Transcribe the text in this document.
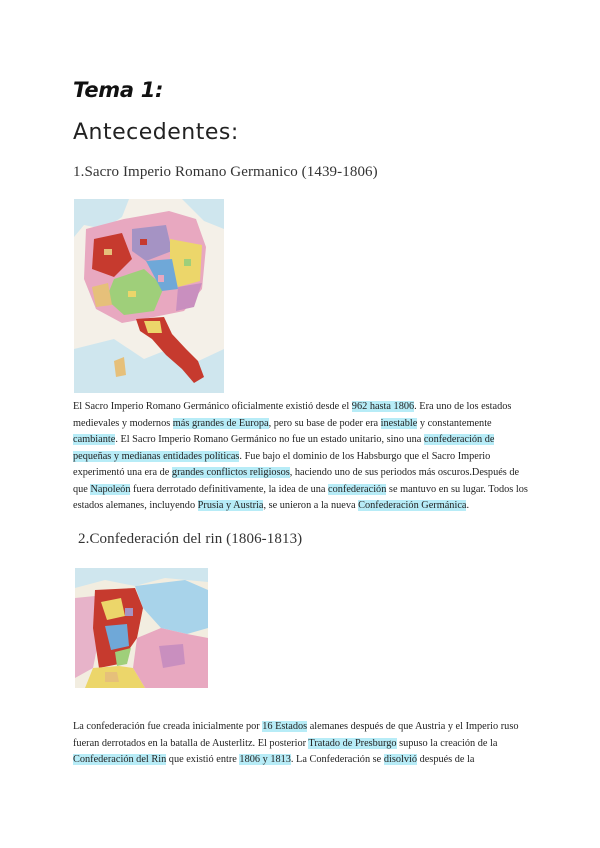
Tema 1:
Antecedentes:
1.Sacro Imperio Romano Germanico (1439-1806)

El Sacro Imperio Romano Germánico oficialmente existió desde el 962 hasta 1806. Era uno de los estados medievales y modernos más grandes de Europa, pero su base de poder era inestable y constantemente cambiante. El Sacro Imperio Romano Germánico no fue un estado unitario, sino una confederación de pequeñas y medianas entidades políticas. Fue bajo el dominio de los Habsburgo que el Sacro Imperio experimentó una era de grandes conflictos religiosos, haciendo uno de sus periodos más oscuros.Después de que Napoleón fuera derrotado definitivamente, la idea de una confederación se mantuvo en su lugar. Todos los estados alemanes, incluyendo Prusia y Austria, se unieron a la nueva Confederación Germánica.

2.Confederación del rin (1806-1813)

La confederación fue creada inicialmente por 16 Estados alemanes después de que Austria y el Imperio ruso fueran derrotados en la batalla de Austerlitz. El posterior Tratado de Presburgo supuso la creación de la Confederación del Rin que existió entre 1806 y 1813. La Confederación se disolvió después de la
